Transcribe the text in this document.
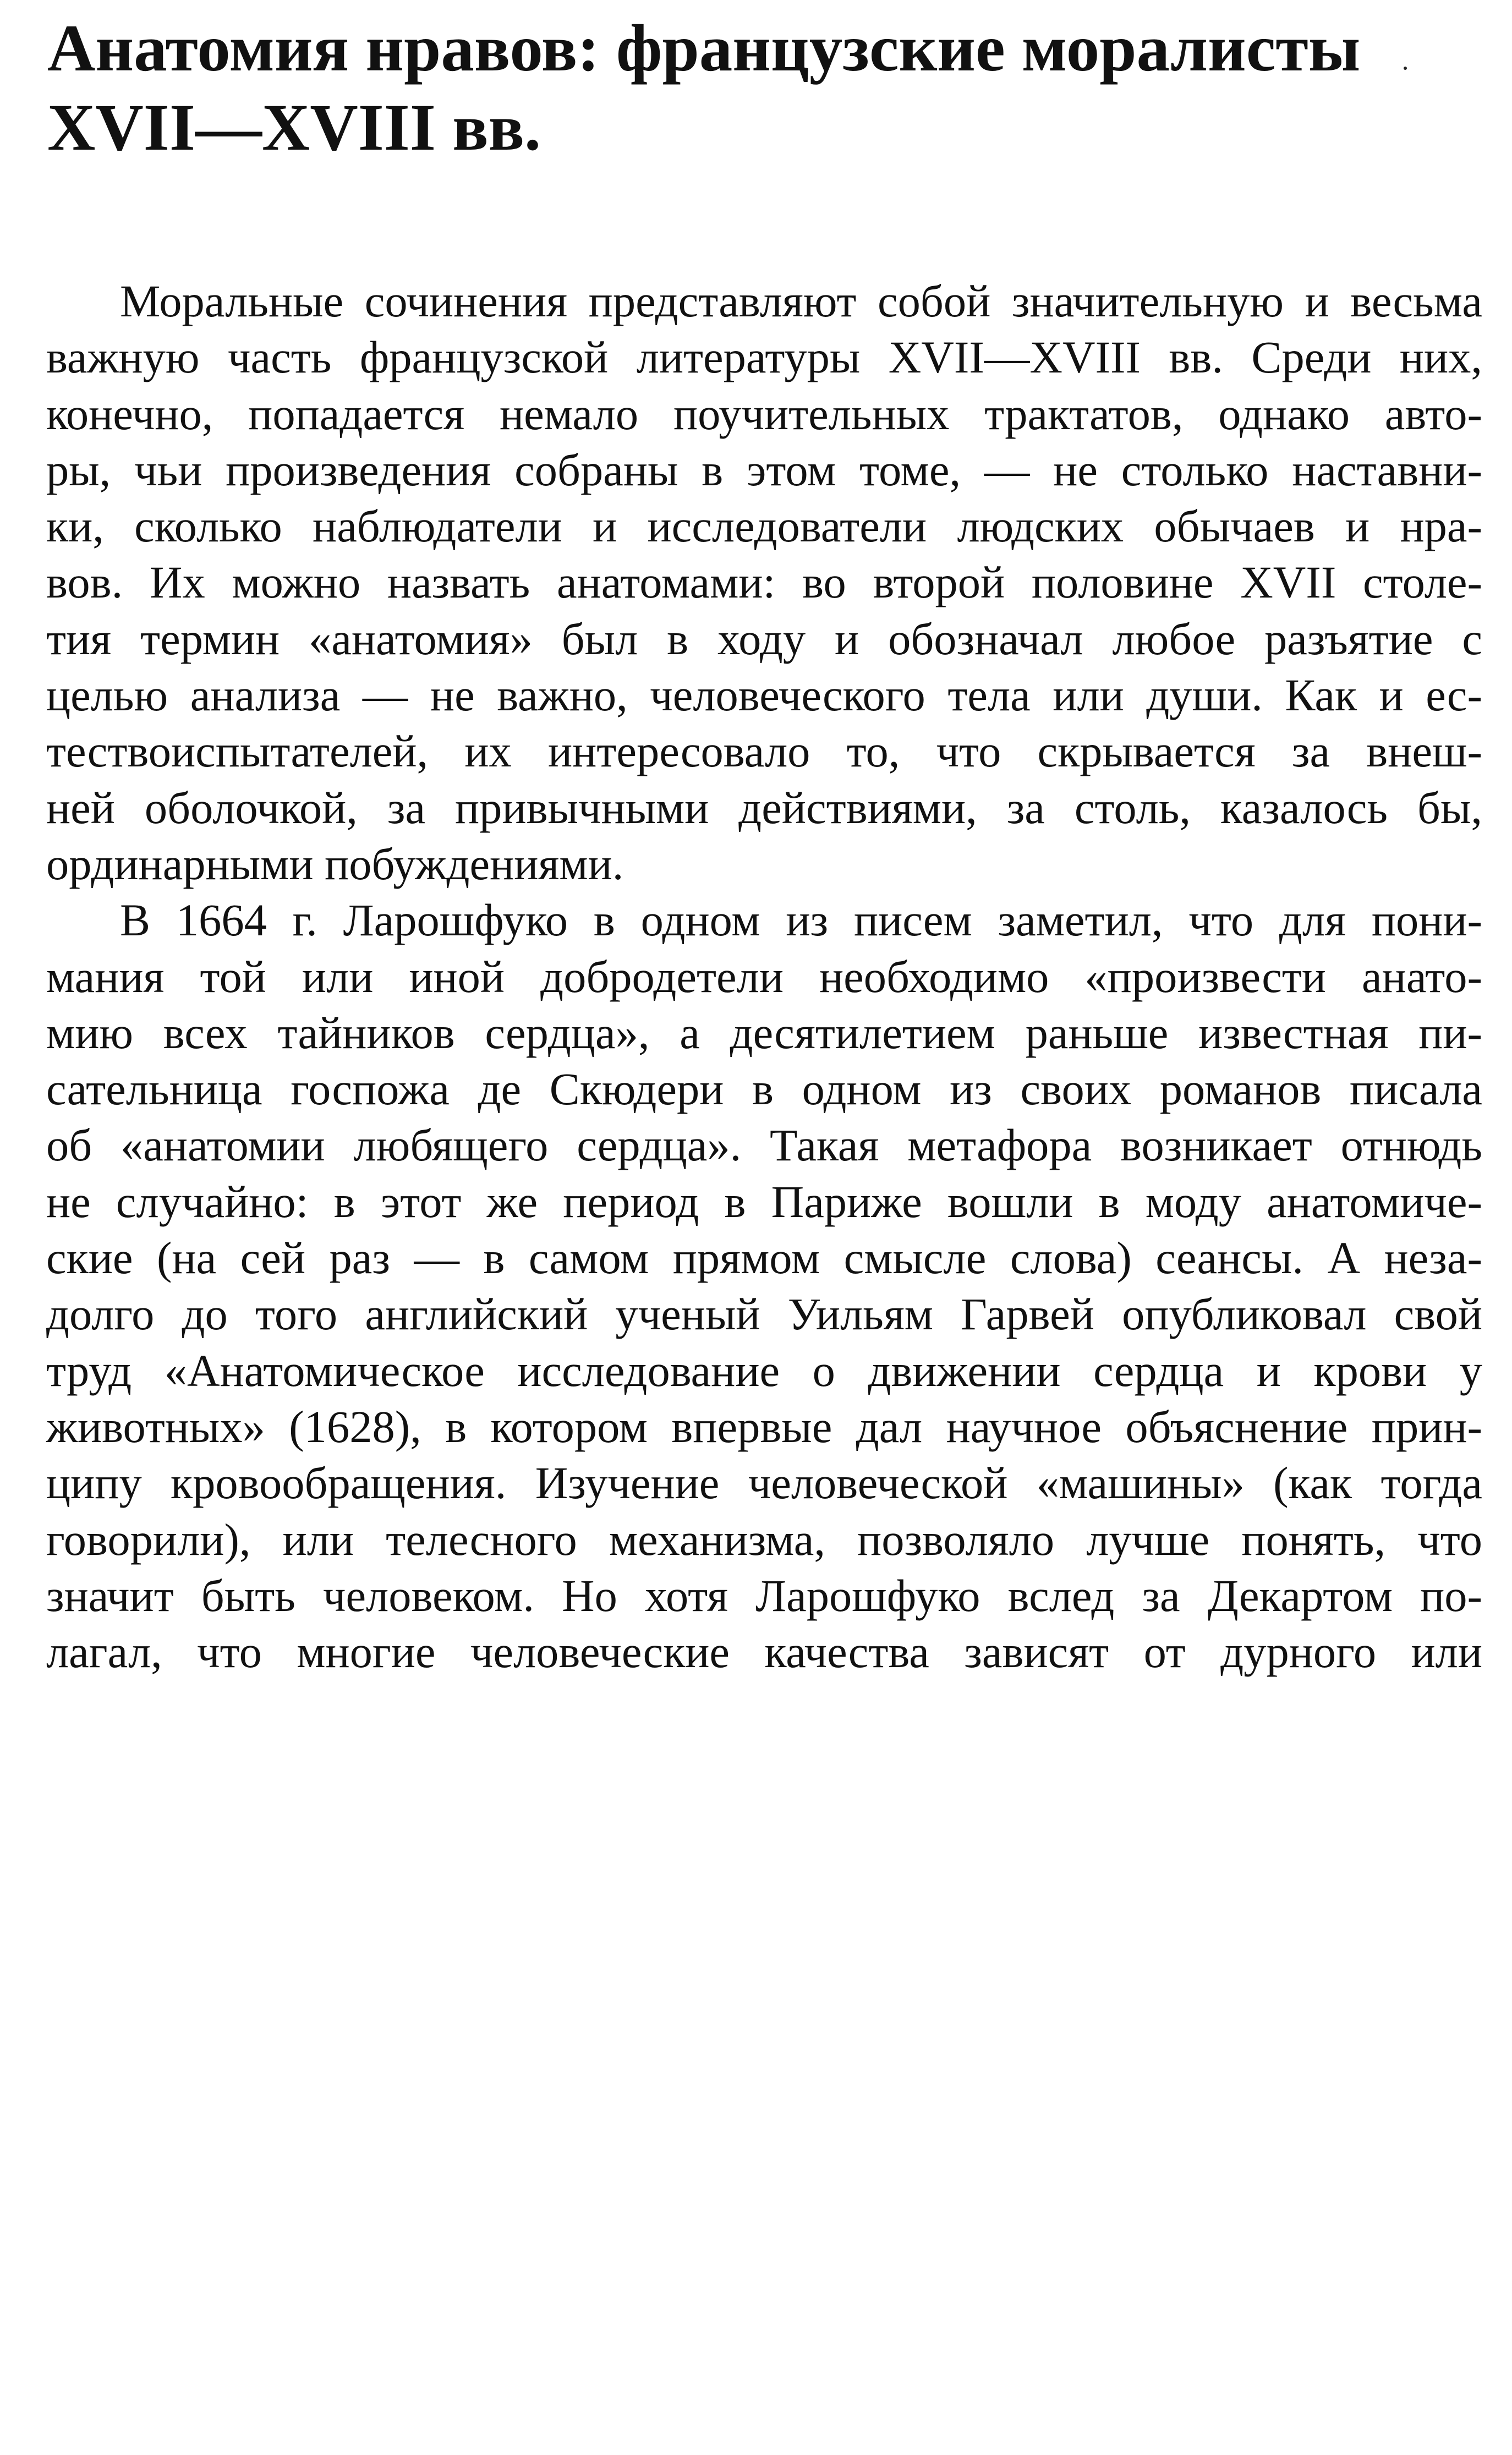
Анатомия нравов: французские моралисты
XVII—XVIII вв.
Моральные сочинения представляют собой значительную и весьма
важную часть французской литературы XVII—XVIII вв. Среди них,
конечно, попадается немало поучительных трактатов, однако авто-
ры, чьи произведения собраны в этом томе, — не столько наставни-
ки, сколько наблюдатели и исследователи людских обычаев и нра-
вов. Их можно назвать анатомами: во второй половине XVII столе-
тия термин «анатомия» был в ходу и обозначал любое разъятие с
целью анализа — не важно, человеческого тела или души. Как и ес-
тествоиспытателей, их интересовало то, что скрывается за внеш-
ней оболочкой, за привычными действиями, за столь, казалось бы,
ординарными побуждениями.
В 1664 г. Ларошфуко в одном из писем заметил, что для пони-
мания той или иной добродетели необходимо «произвести анато-
мию всех тайников сердца», а десятилетием раньше известная пи-
сательница госпожа де Скюдери в одном из своих романов писала
об «анатомии любящего сердца». Такая метафора возникает отнюдь
не случайно: в этот же период в Париже вошли в моду анатомиче-
ские (на сей раз — в самом прямом смысле слова) сеансы. А неза-
долго до того английский ученый Уильям Гарвей опубликовал свой
труд «Анатомическое исследование о движении сердца и крови у
животных» (1628), в котором впервые дал научное объяснение прин-
ципу кровообращения. Изучение человеческой «машины» (как тогда
говорили), или телесного механизма, позволяло лучше понять, что
значит быть человеком. Но хотя Ларошфуко вслед за Декартом по-
лагал, что многие человеческие качества зависят от дурного или
